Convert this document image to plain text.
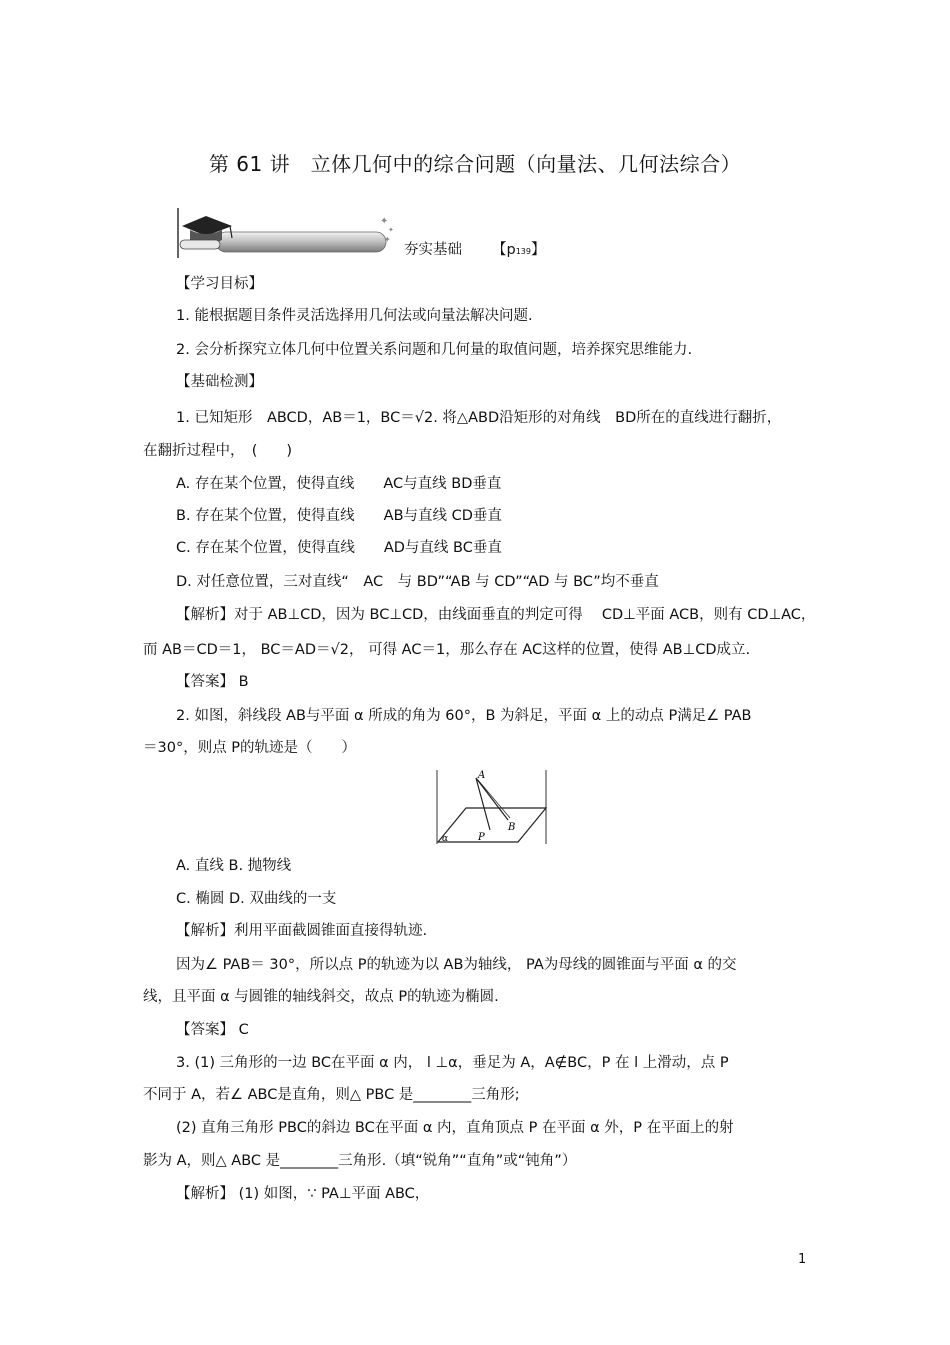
第 61 讲　立体几何中的综合问题（向量法、几何法综合）
✦
✦
✦
夯实基础 【p139】
【学习目标】
1. 能根据题目条件灵活选择用几何法或向量法解决问题.
2. 会分析探究立体几何中位置关系问题和几何量的取值问题，培养探究思维能力.
【基础检测】
1. 已知矩形　ABCD，AB＝1，BC＝√2. 将△ABD沿矩形的对角线　BD所在的直线进行翻折，
在翻折过程中，　(　　)
A. 存在某个位置，使得直线　　AC与直线 BD垂直
B. 存在某个位置，使得直线　　AB与直线 CD垂直
C. 存在某个位置，使得直线　　AD与直线 BC垂直
D. 对任意位置，三对直线“　AC　与 BD”“AB 与 CD”“AD 与 BC”均不垂直
【解析】对于 AB⊥CD，因为 BC⊥CD，由线面垂直的判定可得　 CD⊥平面 ACB，则有 CD⊥AC，
而 AB＝CD＝1， BC＝AD＝√2， 可得 AC＝1，那么存在 AC这样的位置，使得 AB⊥CD成立.
【答案】 B
2. 如图，斜线段 AB与平面 α 所成的角为 60°，B 为斜足，平面 α 上的动点 P满足∠ PAB
＝30°，则点 P的轨迹是（　　）
A
B
P
α
A. 直线 B. 抛物线
C. 椭圆 D. 双曲线的一支
【解析】利用平面截圆锥面直接得轨迹.
因为∠ PAB＝ 30°，所以点 P的轨迹为以 AB为轴线， PA为母线的圆锥面与平面 α 的交
线，且平面 α 与圆锥的轴线斜交，故点 P的轨迹为椭圆.
【答案】 C
3. (1) 三角形的一边 BC在平面 α 内， l ⊥α，垂足为 A，A∉BC，P 在 l 上滑动，点 P
不同于 A，若∠ ABC是直角，则△ PBC 是________三角形;
(2) 直角三角形 PBC的斜边 BC在平面 α 内，直角顶点 P 在平面 α 外，P 在平面上的射
影为 A，则△ ABC 是________三角形.（填“锐角”“直角”或“钝角”）
【解析】 (1) 如图，∵ PA⊥平面 ABC，
1
